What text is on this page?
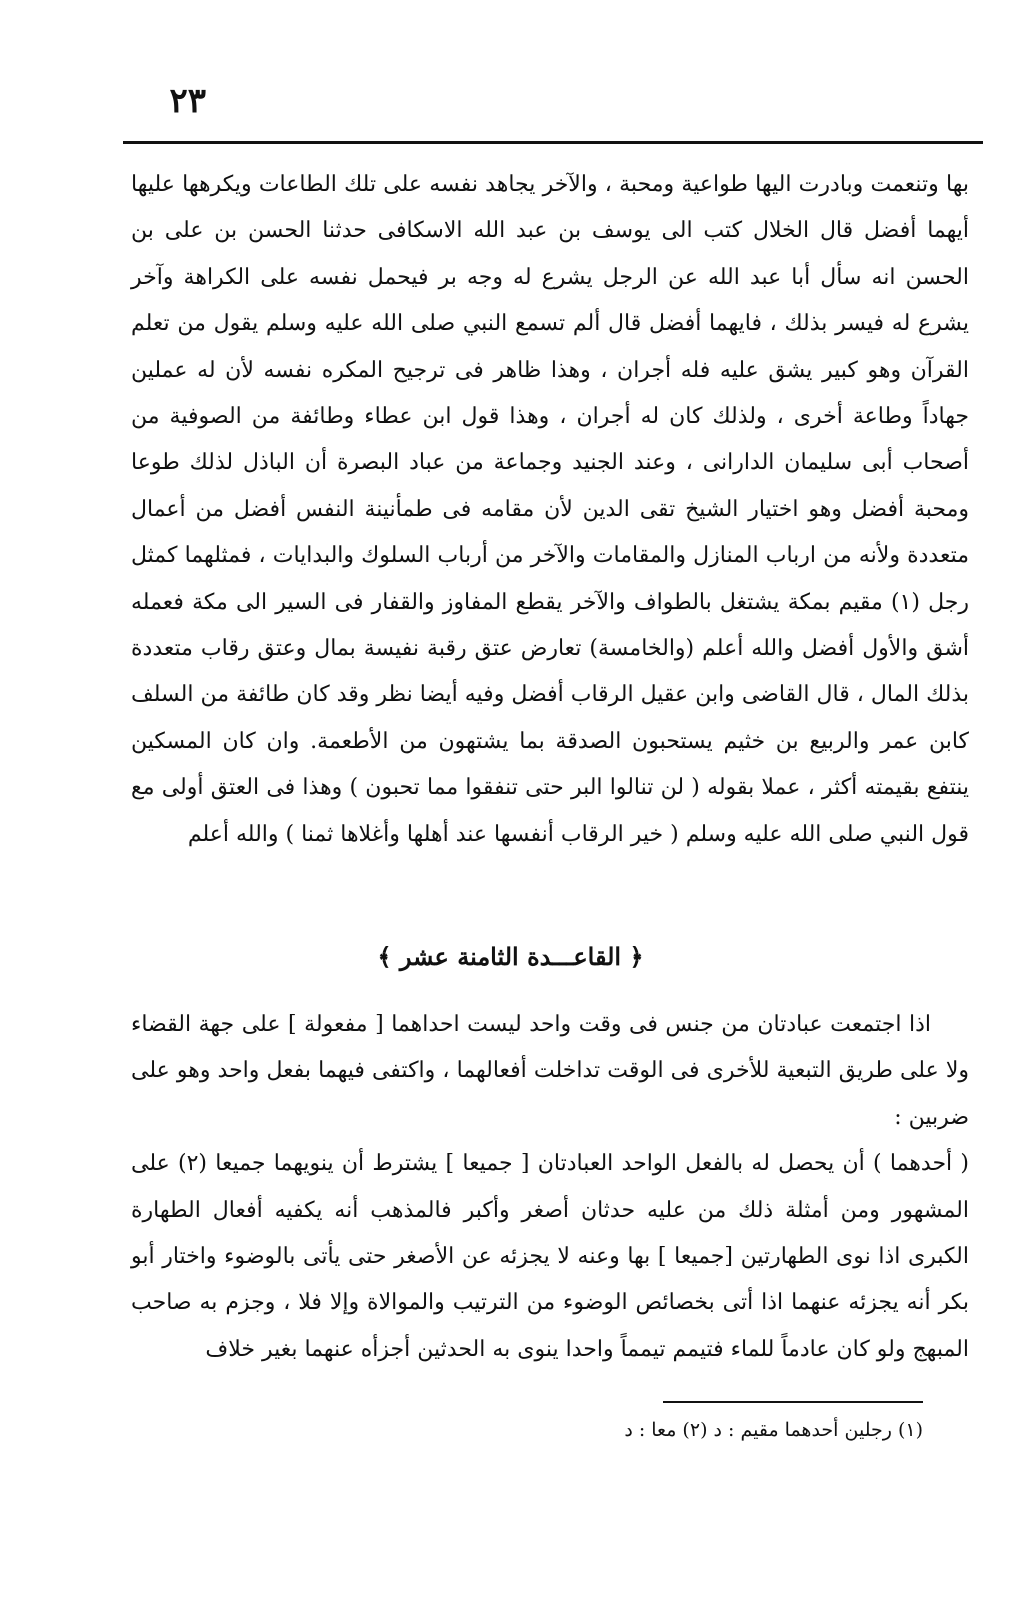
٢٣

بها وتنعمت وبادرت اليها طواعية ومحبة ، والآخر يجاهد نفسه على تلك الطاعات ويكرهها عليها أيهما أفضل قال الخلال كتب الى يوسف بن عبد الله الاسكافى حدثنا الحسن بن على بن الحسن انه سأل أبا عبد الله عن الرجل يشرع له وجه بر فيحمل نفسه على الكراهة وآخر يشرع له فيسر بذلك ، فايهما أفضل قال ألم تسمع النبي صلى الله عليه وسلم يقول من تعلم القرآن وهو كبير يشق عليه فله أجران ، وهذا ظاهر فى ترجيح المكره نفسه لأن له عملين جهاداً وطاعة أخرى ، ولذلك كان له أجران ، وهذا قول ابن عطاء وطائفة من الصوفية من أصحاب أبى سليمان الدارانى ، وعند الجنيد وجماعة من عباد البصرة أن الباذل لذلك طوعا ومحبة أفضل وهو اختيار الشيخ تقى الدين لأن مقامه فى طمأنينة النفس أفضل من أعمال متعددة ولأنه من ارباب المنازل والمقامات والآخر من أرباب السلوك والبدايات ، فمثلهما كمثل رجل (١) مقيم بمكة يشتغل بالطواف والآخر يقطع المفاوز والقفار فى السير الى مكة فعمله أشق والأول أفضل والله أعلم (والخامسة) تعارض عتق رقبة نفيسة بمال وعتق رقاب متعددة بذلك المال ، قال القاضى وابن عقيل الرقاب أفضل وفيه أيضا نظر وقد كان طائفة من السلف كابن عمر والربيع بن خثيم يستحبون الصدقة بما يشتهون من الأطعمة. وان كان المسكين ينتفع بقيمته أكثر ، عملا بقوله ( لن تنالوا البر حتى تنفقوا مما تحبون ) وهذا فى العتق أولى مع قول النبي صلى الله عليه وسلم ( خير الرقاب أنفسها عند أهلها وأغلاها ثمنا ) والله أعلم

﴿ القاعـــدة الثامنة عشر ﴾

اذا اجتمعت عبادتان من جنس فى وقت واحد ليست احداهما [ مفعولة ] على جهة القضاء ولا على طريق التبعية للأخرى فى الوقت تداخلت أفعالهما ، واكتفى فيهما بفعل واحد وهو على ضربين :

( أحدهما ) أن يحصل له بالفعل الواحد العبادتان [ جميعا ] يشترط أن ينويهما جميعا (٢) على المشهور ومن أمثلة ذلك من عليه حدثان أصغر وأكبر فالمذهب أنه يكفيه أفعال الطهارة الكبرى اذا نوى الطهارتين [جميعا ] بها وعنه لا يجزئه عن الأصغر حتى يأتى بالوضوء واختار أبو بكر أنه يجزئه عنهما اذا أتى بخصائص الوضوء من الترتيب والموالاة وإلا فلا ، وجزم به صاحب المبهج ولو كان عادماً للماء فتيمم تيمماً واحدا ينوى به الحدثين أجزأه عنهما بغير خلاف

(١) رجلين أحدهما مقيم : د (٢) معا : د
